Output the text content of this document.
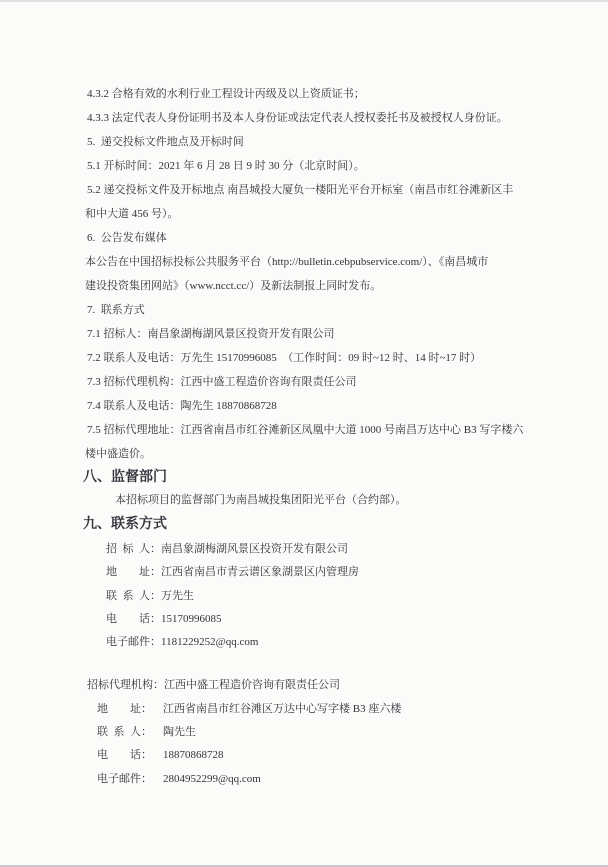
4.3.2 合格有效的水利行业工程设计丙级及以上资质证书；
4.3.3 法定代表人身份证明书及本人身份证或法定代表人授权委托书及被授权人身份证。
5.  递交投标文件地点及开标时间
5.1 开标时间：2021 年 6 月 28 日 9 时 30 分（北京时间）。
5.2 递交投标文件及开标地点 南昌城投大厦负一楼阳光平台开标室（南昌市红谷滩新区丰
和中大道 456 号）。
6.  公告发布媒体
本公告在中国招标投标公共服务平台（http://bulletin.cebpubservice.com/）、《南昌城市
建设投资集团网站》（www.ncct.cc/）及新法制报上同时发布。
7.  联系方式
7.1 招标人：南昌象湖梅湖风景区投资开发有限公司
7.2 联系人及电话：万先生 15170996085  （工作时间：09 时~12 时、14 时~17 时）
7.3 招标代理机构：江西中盛工程造价咨询有限责任公司
7.4 联系人及电话：陶先生 18870868728
7.5 招标代理地址：江西省南昌市红谷滩新区凤凰中大道 1000 号南昌万达中心 B3 写字楼六
楼中盛造价。
八、监督部门
本招标项目的监督部门为南昌城投集团阳光平台（合约部）。
九、联系方式
招标人：南昌象湖梅湖风景区投资开发有限公司
地址：江西省南昌市青云谱区象湖景区内管理房
联系人：万先生
电话：15170996085
电子邮件：1181229252@qq.com
招标代理机构：江西中盛工程造价咨询有限责任公司
地址： 江西省南昌市红谷滩区万达中心写字楼 B3 座六楼
联系人： 陶先生
电话： 18870868728
电子邮件： 2804952299@qq.com
